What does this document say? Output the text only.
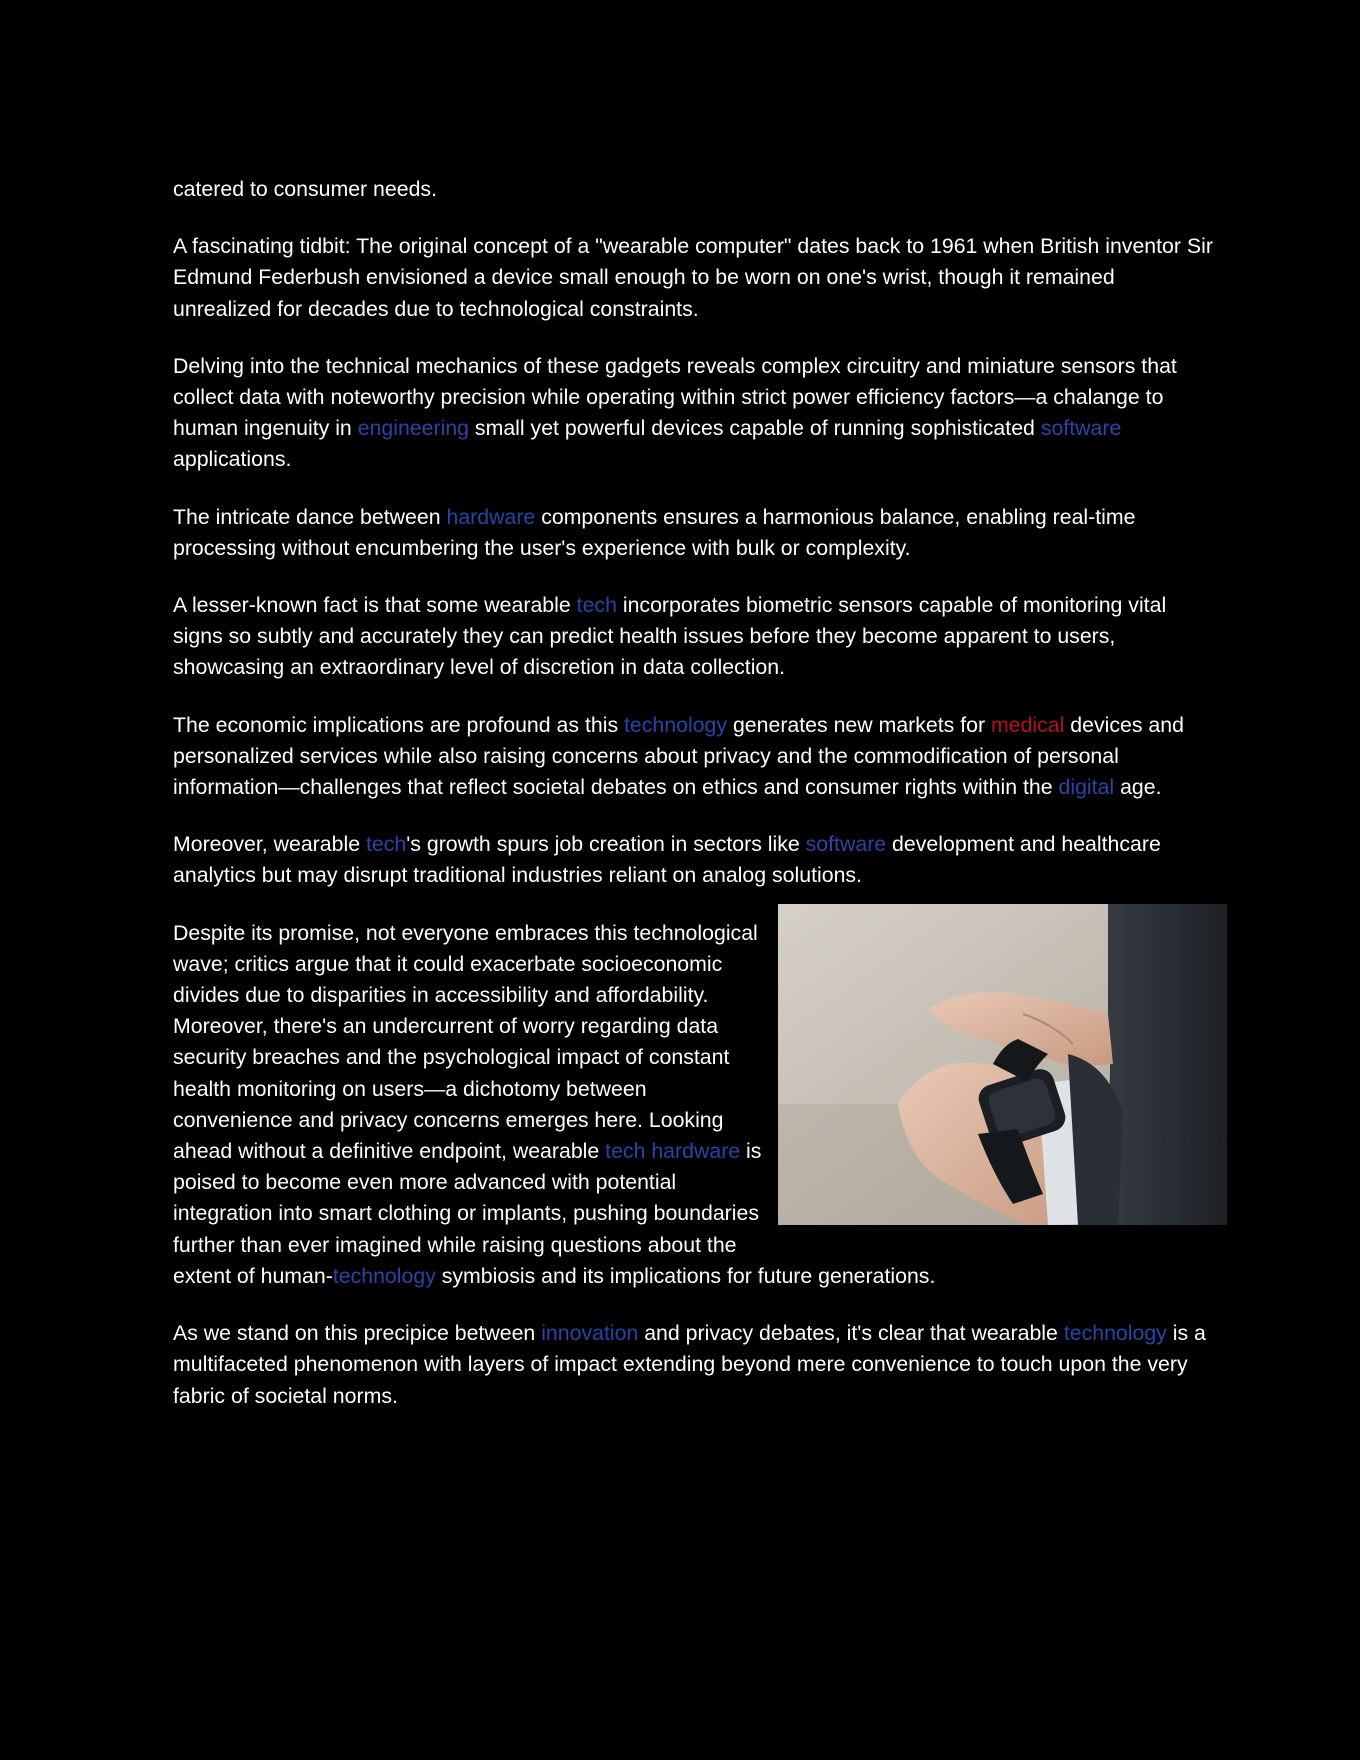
catered to consumer needs.

A fascinating tidbit: The original concept of a "wearable computer" dates back to 1961 when British inventor Sir Edmund Federbush envisioned a device small enough to be worn on one's wrist, though it remained unrealized for decades due to technological constraints.

Delving into the technical mechanics of these gadgets reveals complex circuitry and miniature sensors that collect data with noteworthy precision while operating within strict power efficiency factors—a chalange to human ingenuity in engineering small yet powerful devices capable of running sophisticated software applications.

The intricate dance between hardware components ensures a harmonious balance, enabling real-time processing without encumbering the user's experience with bulk or complexity.

A lesser-known fact is that some wearable tech incorporates biometric sensors capable of monitoring vital signs so subtly and accurately they can predict health issues before they become apparent to users, showcasing an extraordinary level of discretion in data collection.

The economic implications are profound as this technology generates new markets for medical devices and personalized services while also raising concerns about privacy and the commodification of personal information—challenges that reflect societal debates on ethics and consumer rights within the digital age.

Moreover, wearable tech's growth spurs job creation in sectors like software development and healthcare analytics but may disrupt traditional industries reliant on analog solutions.

Despite its promise, not everyone embraces this technological wave; critics argue that it could exacerbate socioeconomic divides due to disparities in accessibility and affordability. Moreover, there's an undercurrent of worry regarding data security breaches and the psychological impact of constant health monitoring on users—a dichotomy between convenience and privacy concerns emerges here. Looking ahead without a definitive endpoint, wearable tech hardware is poised to become even more advanced with potential integration into smart clothing or implants, pushing boundaries further than ever imagined while raising questions about the extent of human-technology symbiosis and its implications for future generations.

As we stand on this precipice between innovation and privacy debates, it's clear that wearable technology is a multifaceted phenomenon with layers of impact extending beyond mere convenience to touch upon the very fabric of societal norms.
